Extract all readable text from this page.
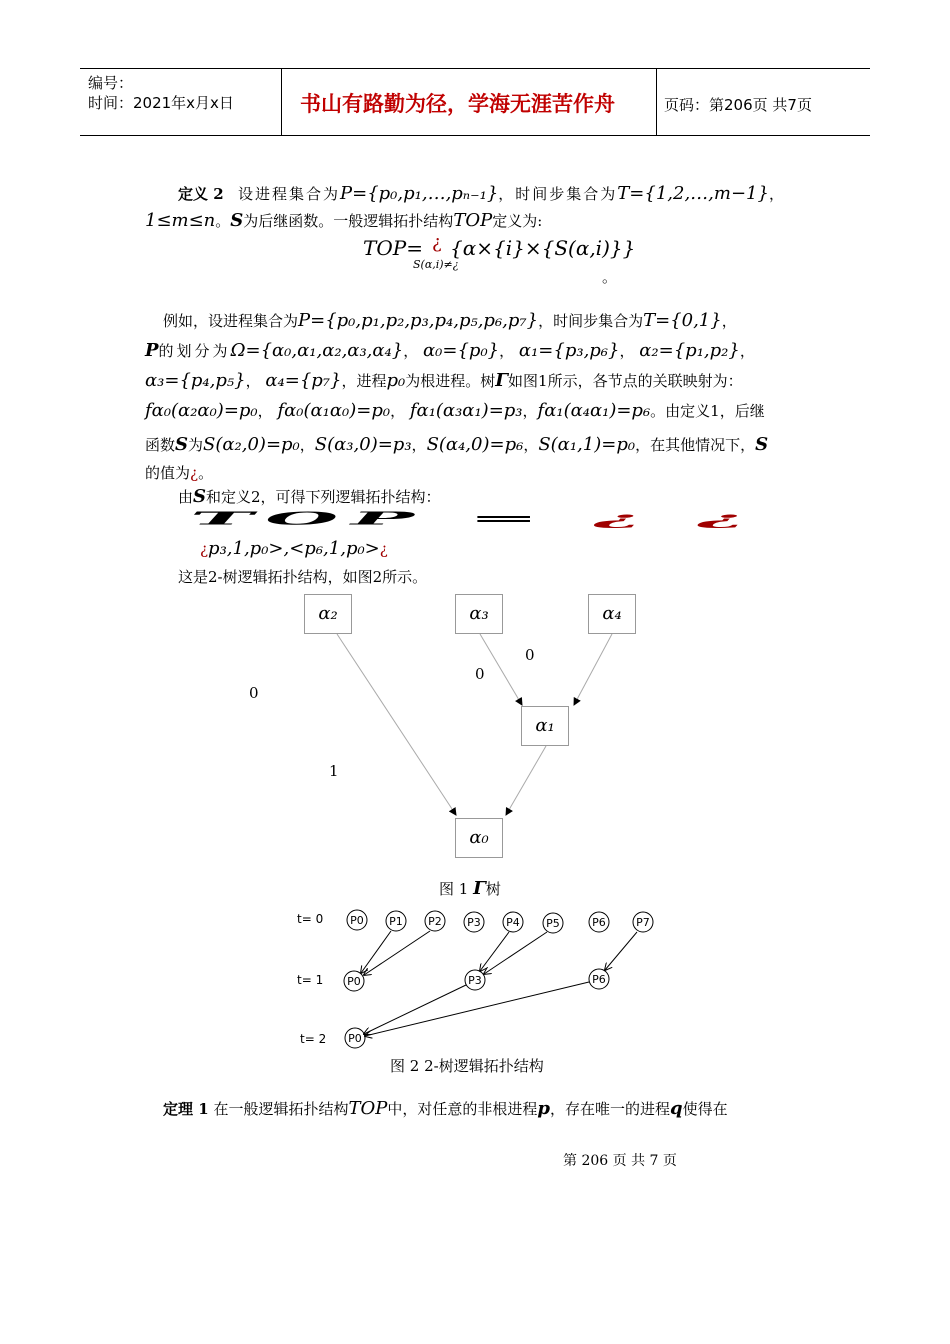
编号：
时间：2021年x月x日	书山有路勤为径，学海无涯苦作舟	页码：第206页 共7页
定义 2 设进程集合为P={p₀,p₁,…,pₙ₋₁}，时间步集合为T={1,2,…,m−1}，
1≤m≤n。S为后继函数。一般逻辑拓扑结构TOP定义为:
TOP= ¿
S(α,i)≠¿
{α×{i}×{S(α,i)}}
。
例如，设进程集合为P={p₀,p₁,p₂,p₃,p₄,p₅,p₆,p₇}，时间步集合为T={0,1}，
P的划分为Ω={α₀,α₁,α₂,α₃,α₄}， α₀={p₀}， α₁={p₃,p₆}， α₂={p₁,p₂}，
α₃={p₄,p₅}， α₄={p₇}，进程p₀为根进程。树Γ如图1所示，各节点的关联映射为：
fα₀(α₂α₀)=p₀， fα₀(α₁α₀)=p₀， fα₁(α₃α₁)=p₃，fα₁(α₄α₁)=p₆。由定义1，后继
函数S为S(α₂,0)=p₀，S(α₃,0)=p₃，S(α₄,0)=p₆，S(α₁,1)=p₀，在其他情况下，S
的值为¿。
由S和定义2，可得下列逻辑拓扑结构：
TOP = ¿ ¿
¿p₃,1,p₀>,<p₆,1,p₀>¿
这是2-树逻辑拓扑结构，如图2所示。
α₂	α₃	α₄
α₁
α₀
0
0
0
1
图 1 Γ树
P0 P1 P2 P3 P4 P5	P6	P7
P0	P3	P6
P0
t= 0
t= 1
t= 2
图 2 2-树逻辑拓扑结构
定理 1 在一般逻辑拓扑结构TOP中，对任意的非根进程p，存在唯一的进程q使得在
第 206 页 共 7 页
